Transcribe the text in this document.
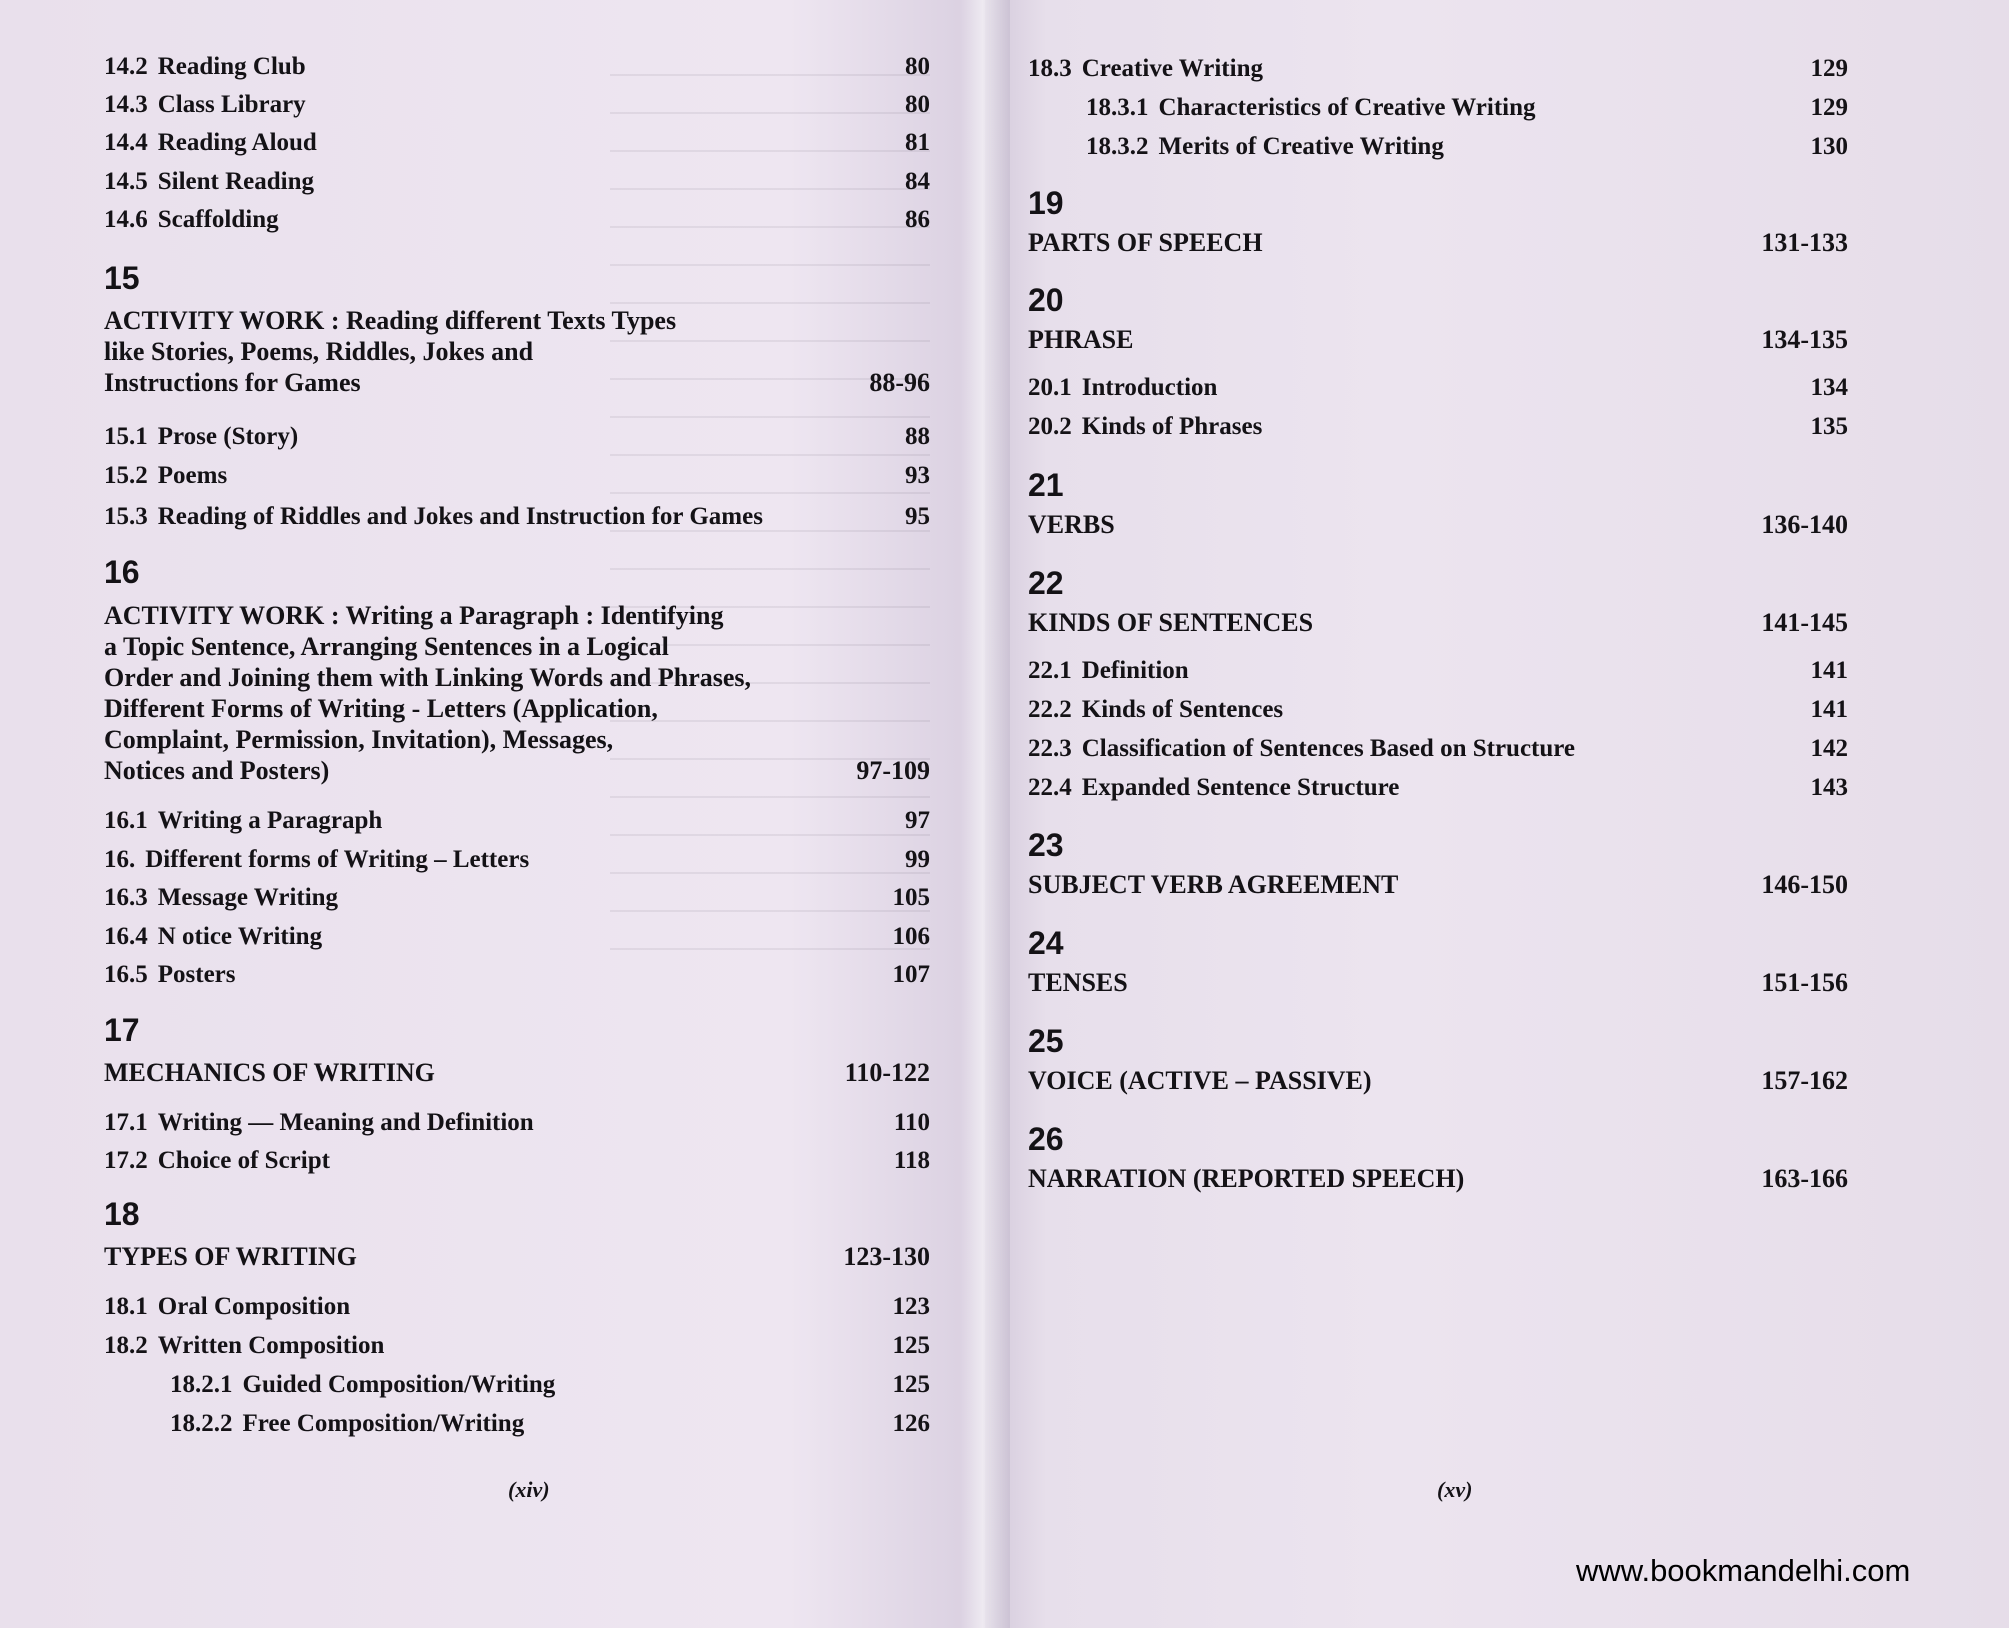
14.2 Reading Club	80
14.3 Class Library	80
14.4 Reading Aloud	81
14.5 Silent Reading	84
14.6 Scaffolding	86
15
ACTIVITY WORK : Reading different Texts Types
like Stories, Poems, Riddles, Jokes and
Instructions for Games	88-96
15.1 Prose (Story)	88
15.2 Poems	93
15.3 Reading of Riddles and Jokes and Instruction for Games	95
16
ACTIVITY WORK : Writing a Paragraph : Identifying
a Topic Sentence, Arranging Sentences in a Logical
Order and Joining them with Linking Words and Phrases,
Different Forms of Writing - Letters (Application,
Complaint, Permission, Invitation), Messages,
Notices and Posters)	97-109
16.1 Writing a Paragraph	97
16. Different forms of Writing – Letters	99
16.3 Message Writing	105
16.4 N otice Writing	106
16.5 Posters	107
17
MECHANICS OF WRITING	110-122
17.1 Writing — Meaning and Definition	110
17.2 Choice of Script	118
18
TYPES OF WRITING	123-130
18.1 Oral Composition	123
18.2 Written Composition	125
18.2.1 Guided Composition/Writing	125
18.2.2 Free Composition/Writing	126
(xiv)
18.3 Creative Writing	129
18.3.1 Characteristics of Creative Writing	129
18.3.2 Merits of Creative Writing	130
19
PARTS OF SPEECH	131-133
20
PHRASE	134-135
20.1 Introduction	134
20.2 Kinds of Phrases	135
21
VERBS	136-140
22
KINDS OF SENTENCES	141-145
22.1 Definition	141
22.2 Kinds of Sentences	141
22.3 Classification of Sentences Based on Structure	142
22.4 Expanded Sentence Structure	143
23
SUBJECT VERB AGREEMENT	146-150
24
TENSES	151-156
25
VOICE (ACTIVE – PASSIVE)	157-162
26
NARRATION (REPORTED SPEECH)	163-166
(xv)
www.bookmandelhi.com
